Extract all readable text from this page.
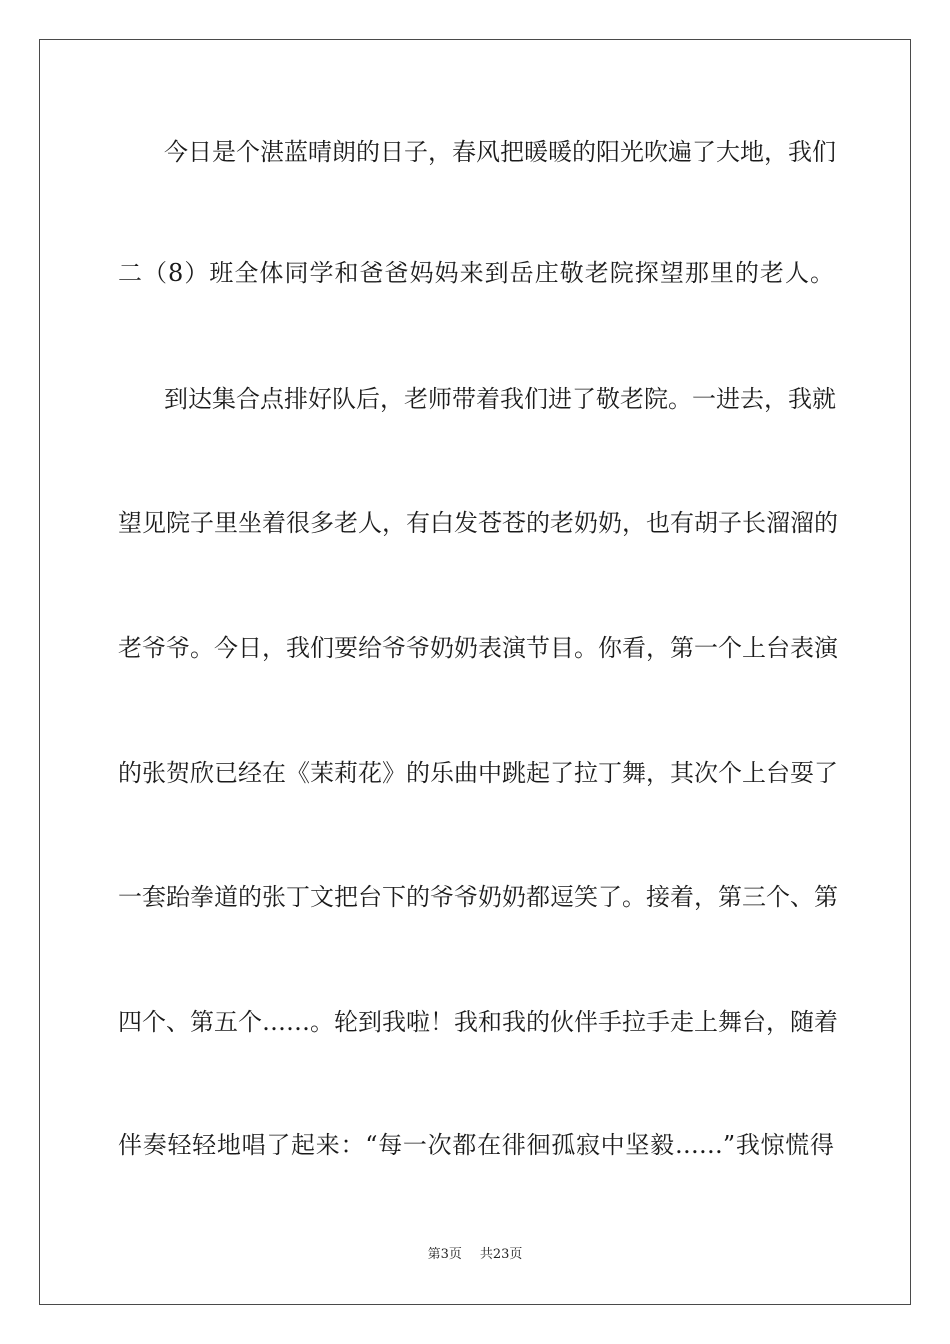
今日是个湛蓝晴朗的日子，春风把暖暖的阳光吹遍了大地，我们
二（8）班全体同学和爸爸妈妈来到岳庄敬老院探望那里的老人。
到达集合点排好队后，老师带着我们进了敬老院。一进去，我就
望见院子里坐着很多老人，有白发苍苍的老奶奶，也有胡子长溜溜的
老爷爷。今日，我们要给爷爷奶奶表演节目。你看，第一个上台表演
的张贺欣已经在《茉莉花》的乐曲中跳起了拉丁舞，其次个上台耍了
一套跆拳道的张丁文把台下的爷爷奶奶都逗笑了。接着，第三个、第
四个、第五个……。轮到我啦！我和我的伙伴手拉手走上舞台，随着
伴奏轻轻地唱了起来：“每一次都在徘徊孤寂中坚毅……”我惊慌得
第3页 共23页
